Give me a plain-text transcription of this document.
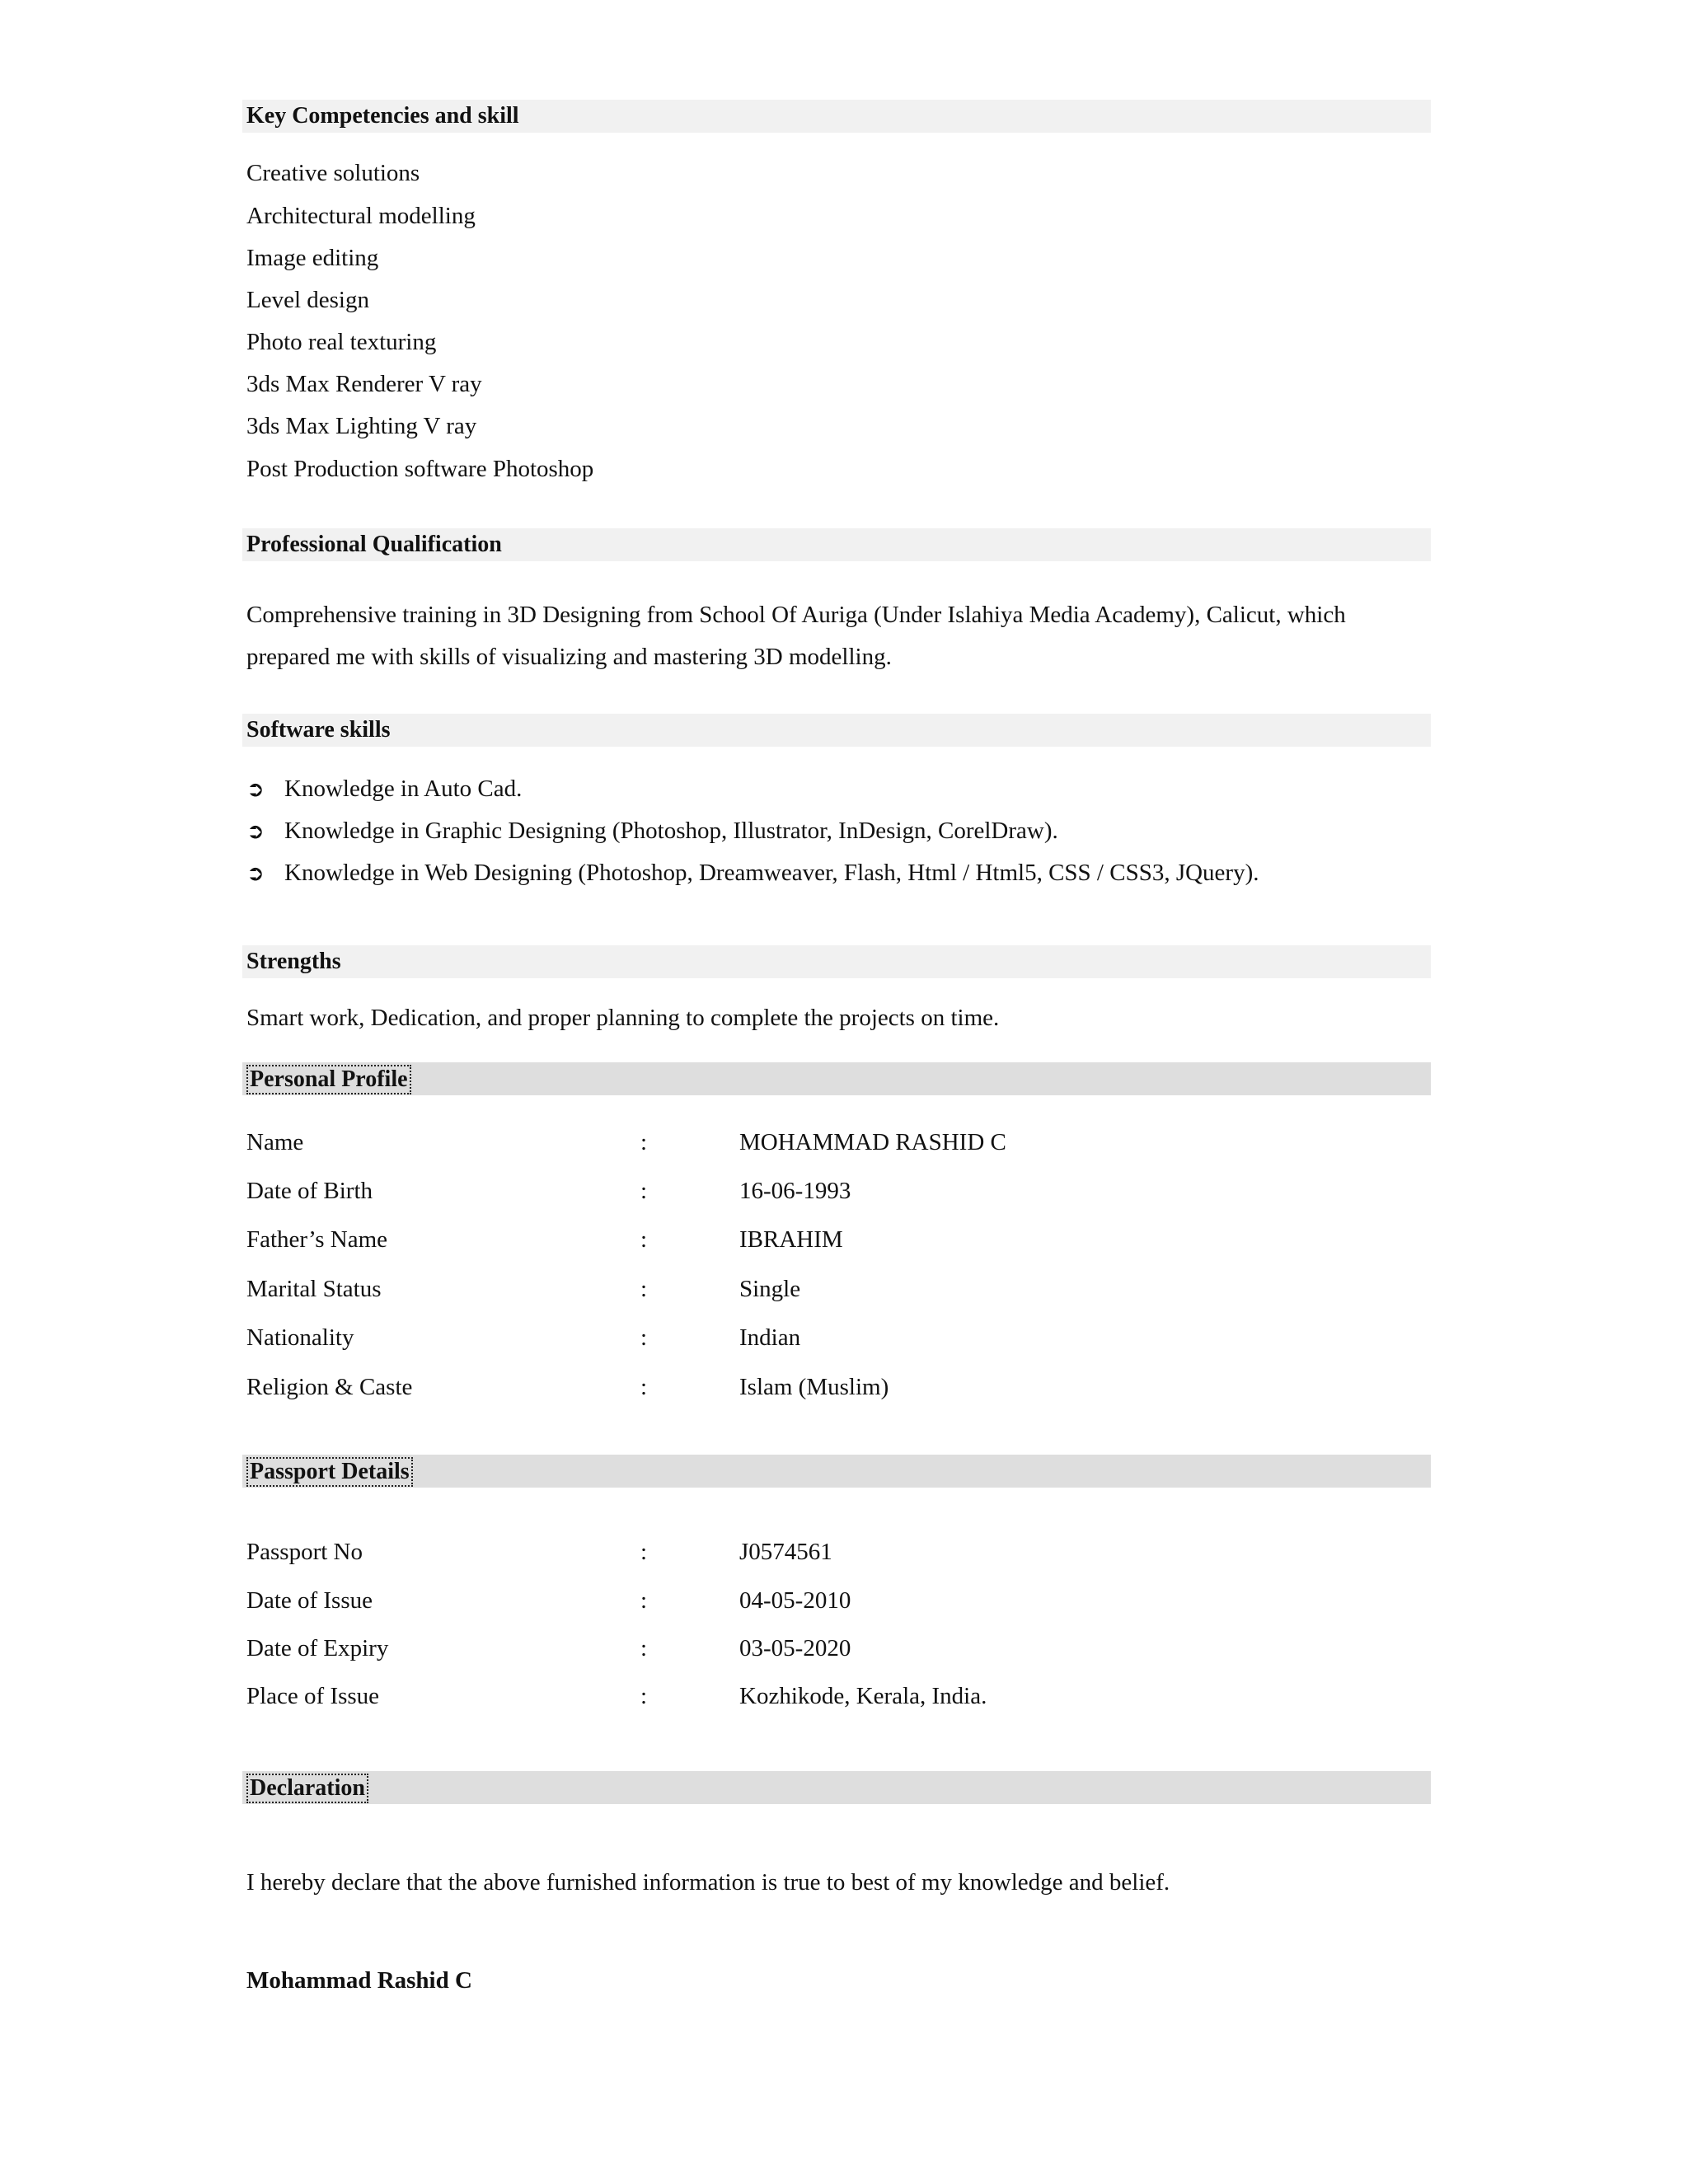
Key Competencies and skill
Creative solutions
Architectural modelling
Image editing
Level design
Photo real texturing
3ds Max Renderer V ray
3ds Max Lighting V ray
Post Production software Photoshop
Professional Qualification
Comprehensive training in 3D Designing from School Of Auriga (Under Islahiya Media Academy), Calicut, which
prepared me with skills of visualizing and mastering 3D modelling.
Software skills
➲ Knowledge in Auto Cad.
➲ Knowledge in Graphic Designing (Photoshop, Illustrator, InDesign, CorelDraw).
➲ Knowledge in Web Designing (Photoshop, Dreamweaver, Flash, Html / Html5, CSS / CSS3, JQuery).
Strengths
Smart work, Dedication, and proper planning to complete the projects on time.
Personal Profile
Name	:	MOHAMMAD RASHID C
Date of Birth	:	16-06-1993
Father’s Name	:	IBRAHIM
Marital Status	:	Single
Nationality	:	Indian
Religion & Caste	:	Islam (Muslim)
Passport Details
Passport No	:	J0574561
Date of Issue	:	04-05-2010
Date of Expiry	:	03-05-2020
Place of Issue	:	Kozhikode, Kerala, India.
Declaration
I hereby declare that the above furnished information is true to best of my knowledge and belief.
Mohammad Rashid C
